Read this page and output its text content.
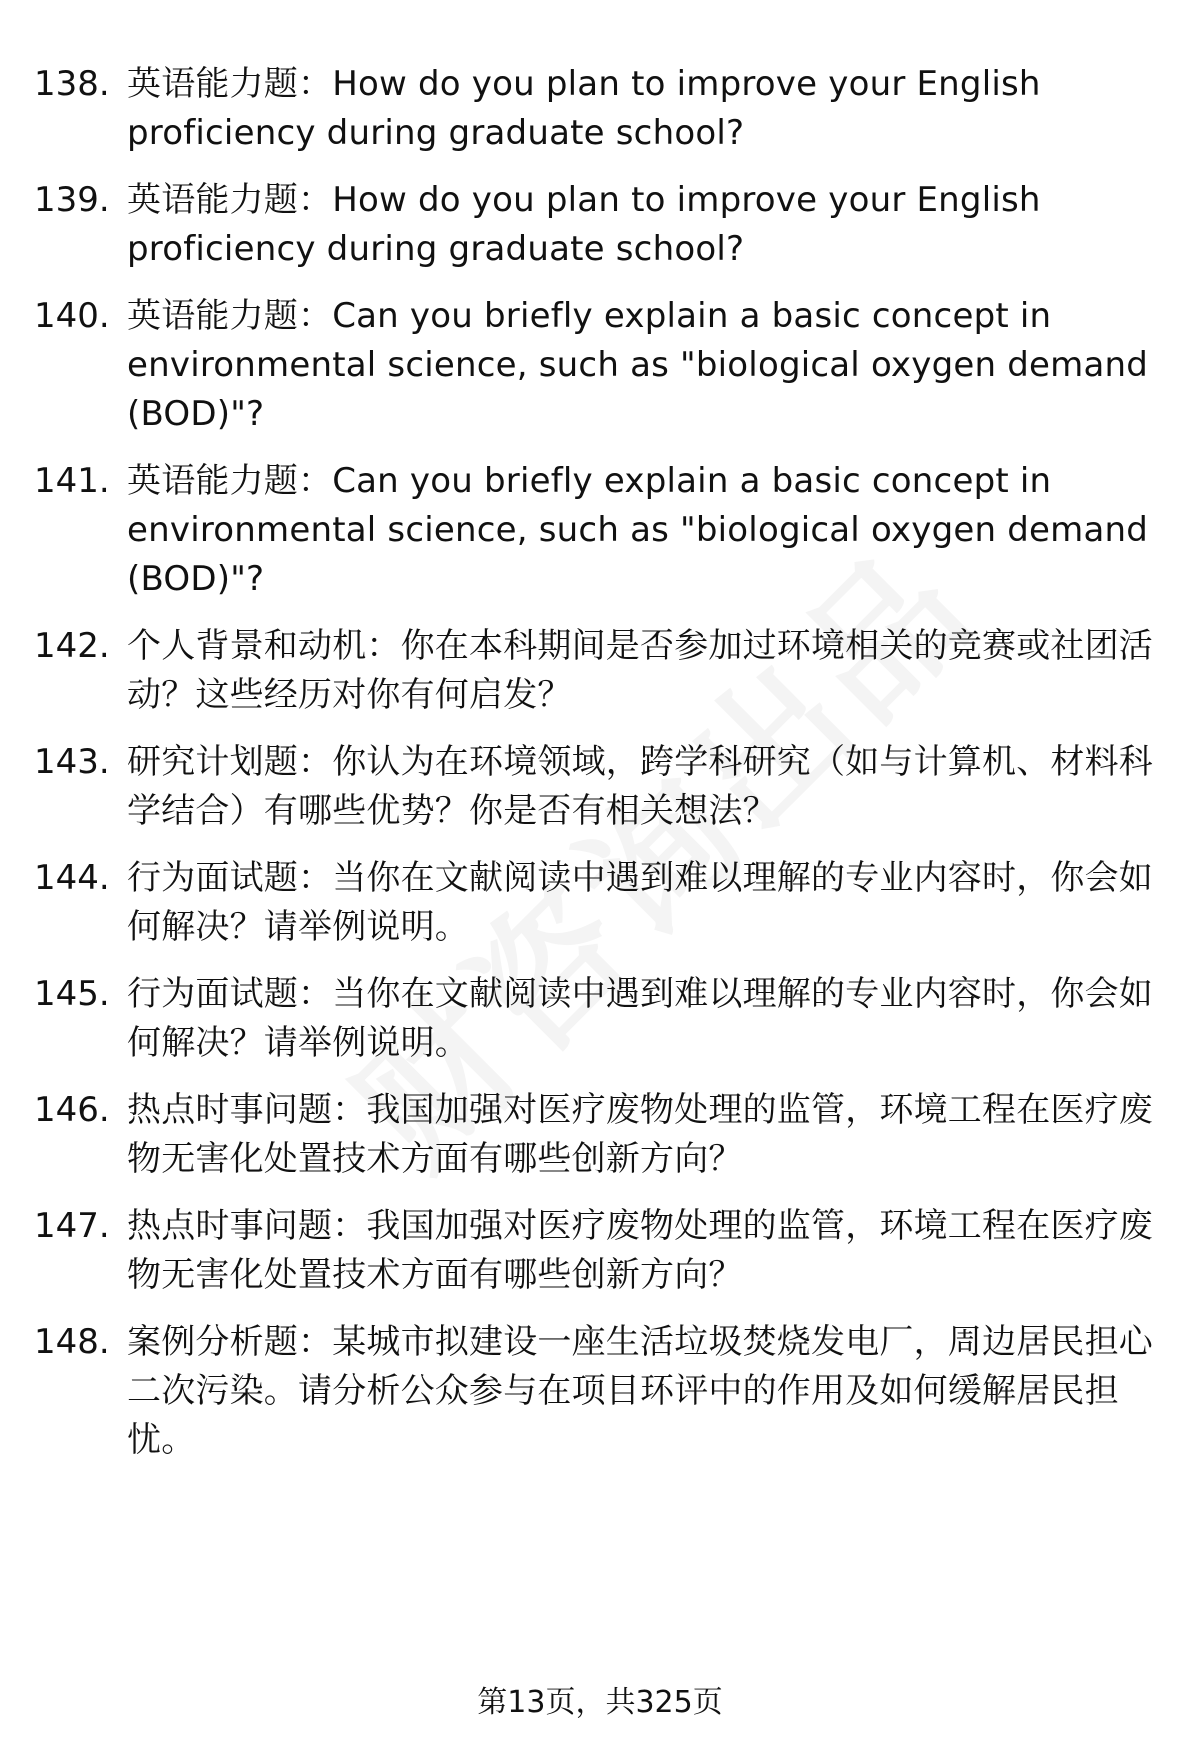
138. 英语能力题：How do you plan to improve your English proficiency during graduate school?
139. 英语能力题：How do you plan to improve your English proficiency during graduate school?
140. 英语能力题：Can you briefly explain a basic concept in environmental science, such as "biological oxygen demand (BOD)"?
141. 英语能力题：Can you briefly explain a basic concept in environmental science, such as "biological oxygen demand (BOD)"?
142. 个人背景和动机：你在本科期间是否参加过环境相关的竞赛或社团活动？这些经历对你有何启发？
143. 研究计划题：你认为在环境领域，跨学科研究（如与计算机、材料科学结合）有哪些优势？你是否有相关想法？
144. 行为面试题：当你在文献阅读中遇到难以理解的专业内容时，你会如何解决？请举例说明。
145. 行为面试题：当你在文献阅读中遇到难以理解的专业内容时，你会如何解决？请举例说明。
146. 热点时事问题：我国加强对医疗废物处理的监管，环境工程在医疗废物无害化处置技术方面有哪些创新方向？
147. 热点时事问题：我国加强对医疗废物处理的监管，环境工程在医疗废物无害化处置技术方面有哪些创新方向？
148. 案例分析题：某城市拟建设一座生活垃圾焚烧发电厂，周边居民担心二次污染。请分析公众参与在项目环评中的作用及如何缓解居民担忧。
第13页，共325页
